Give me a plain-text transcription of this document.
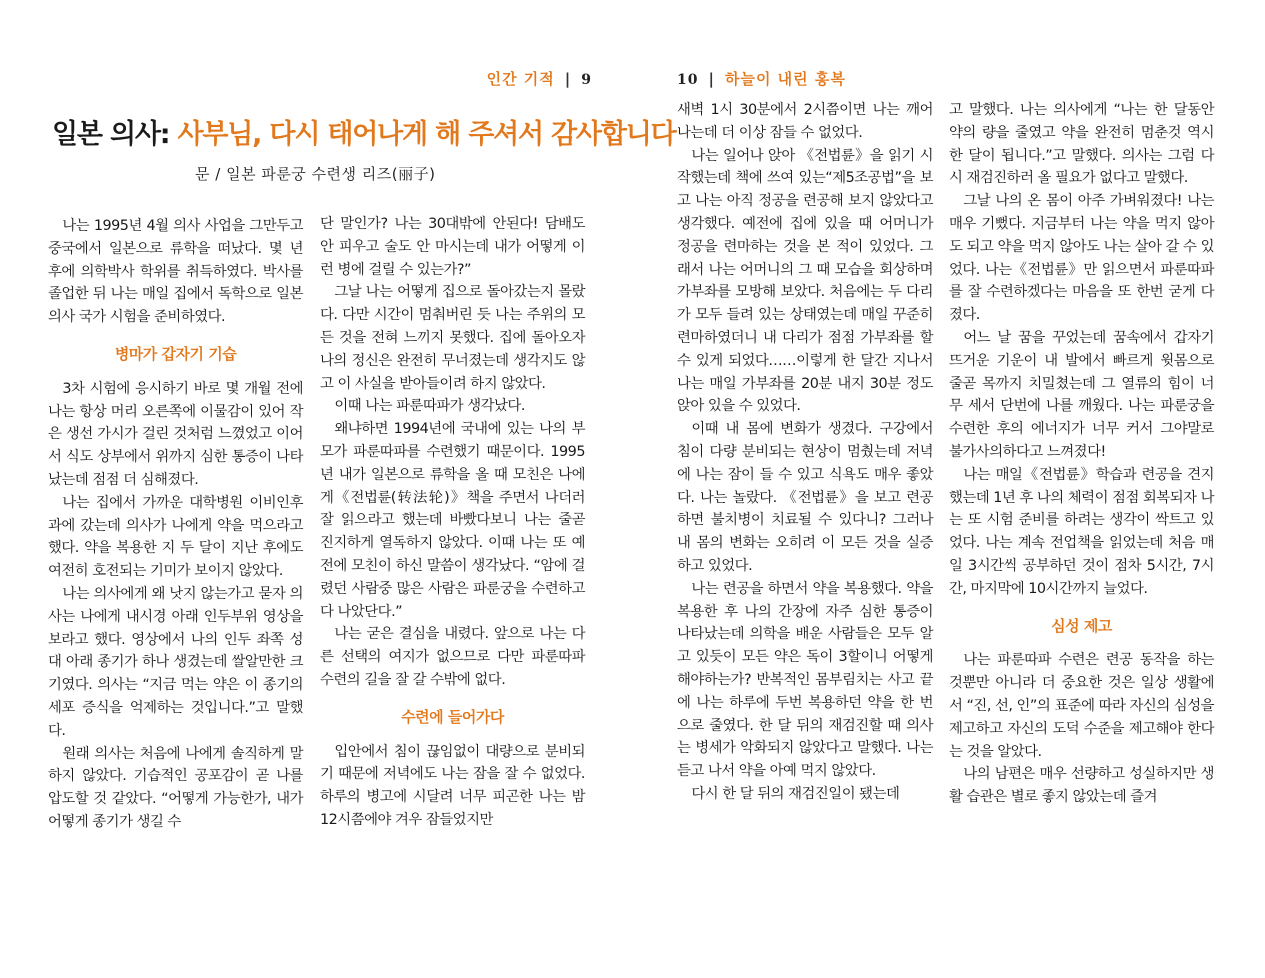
인간 기적 | 9
일본 의사: 사부님, 다시 태어나게 해 주셔서 감사합니다
문 / 일본 파룬궁 수련생 리즈(丽子)

나는 1995년 4월 의사 사업을 그만두고 중국에서 일본으로 류학을 떠났다. 몇 년 후에 의학박사 학위를 취득하였다. 박사를 졸업한 뒤 나는 매일 집에서 독학으로 일본 의사 국가 시험을 준비하였다.

병마가 갑자기 기습

3차 시험에 응시하기 바로 몇 개월 전에 나는 항상 머리 오른쪽에 이물감이 있어 작은 생선 가시가 걸린 것처럼 느꼈었고 이어서 식도 상부에서 위까지 심한 통증이 나타났는데 점점 더 심해졌다.

나는 집에서 가까운 대학병원 이비인후과에 갔는데 의사가 나에게 약을 먹으라고 했다. 약을 복용한 지 두 달이 지난 후에도 여전히 호전되는 기미가 보이지 않았다.

나는 의사에게 왜 낫지 않는가고 묻자 의사는 나에게 내시경 아래 인두부위 영상을 보라고 했다. 영상에서 나의 인두 좌쪽 성대 아래 종기가 하나 생겼는데 쌀알만한 크기였다. 의사는 “지금 먹는 약은 이 종기의 세포 증식을 억제하는 것입니다.”고 말했다.

원래 의사는 처음에 나에게 솔직하게 말하지 않았다. 기습적인 공포감이 곧 나를 압도할 것 같았다. “어떻게 가능한가, 내가 어떻게 종기가 생길 수

단 말인가? 나는 30대밖에 안된다! 담배도 안 피우고 술도 안 마시는데 내가 어떻게 이런 병에 걸릴 수 있는가?”

그날 나는 어떻게 집으로 돌아갔는지 몰랐다. 다만 시간이 멈춰버린 듯 나는 주위의 모든 것을 전혀 느끼지 못했다. 집에 돌아오자 나의 정신은 완전히 무너졌는데 생각지도 않고 이 사실을 받아들이려 하지 않았다.

이때 나는 파룬따파가 생각났다.

왜냐하면 1994년에 국내에 있는 나의 부모가 파룬따파를 수련했기 때문이다. 1995년 내가 일본으로 류학을 올 때 모친은 나에게《전법륜(转法轮)》책을 주면서 나더러 잘 읽으라고 했는데 바빴다보니 나는 줄곧 진지하게 열독하지 않았다. 이때 나는 또 예전에 모친이 하신 말씀이 생각났다. “암에 걸렸던 사람중 많은 사람은 파룬궁을 수련하고 다 나았단다.”

나는 굳은 결심을 내렸다. 앞으로 나는 다른 선택의 여지가 없으므로 다만 파룬따파 수련의 길을 잘 갈 수밖에 없다.

수련에 들어가다

입안에서 침이 끊임없이 대량으로 분비되기 때문에 저녁에도 나는 잠을 잘 수 없었다. 하루의 병고에 시달려 너무 피곤한 나는 밤 12시쯤에야 겨우 잠들었지만

10 | 하늘이 내린 홍복

새벽 1시 30분에서 2시쯤이면 나는 깨어나는데 더 이상 잠들 수 없었다.

나는 일어나 앉아 《전법륜》을 읽기 시작했는데 책에 쓰여 있는“제5조공법”을 보고 나는 아직 정공을 련공해 보지 않았다고 생각했다. 예전에 집에 있을 때 어머니가 정공을 련마하는 것을 본 적이 있었다. 그래서 나는 어머니의 그 때 모습을 회상하며 가부좌를 모방해 보았다. 처음에는 두 다리가 모두 들려 있는 상태였는데 매일 꾸준히 련마하였더니 내 다리가 점점 가부좌를 할 수 있게 되었다……이렇게 한 달간 지나서 나는 매일 가부좌를 20분 내지 30분 정도 앉아 있을 수 있었다.

이때 내 몸에 변화가 생겼다. 구강에서 침이 다량 분비되는 현상이 멈췄는데 저녁에 나는 잠이 들 수 있고 식욕도 매우 좋았다. 나는 놀랐다. 《전법륜》을 보고 련공하면 불치병이 치료될 수 있다니? 그러나 내 몸의 변화는 오히려 이 모든 것을 실증하고 있었다.

나는 련공을 하면서 약을 복용했다. 약을 복용한 후 나의 간장에 자주 심한 통증이 나타났는데 의학을 배운 사람들은 모두 알고 있듯이 모든 약은 독이 3할이니 어떻게 해야하는가? 반복적인 몸부림치는 사고 끝에 나는 하루에 두번 복용하던 약을 한 번으로 줄였다. 한 달 뒤의 재검진할 때 의사는 병세가 악화되지 않았다고 말했다. 나는 듣고 나서 약을 아예 먹지 않았다.

다시 한 달 뒤의 재검진일이 됐는데

고 말했다. 나는 의사에게 “나는 한 달동안 약의 량을 줄였고 약을 완전히 멈춘것 역시 한 달이 됩니다.”고 말했다. 의사는 그럼 다시 재검진하러 올 필요가 없다고 말했다.

그날 나의 온 몸이 아주 가벼워졌다! 나는 매우 기뻤다. 지금부터 나는 약을 먹지 않아도 되고 약을 먹지 않아도 나는 살아 갈 수 있었다. 나는《전법륜》만 읽으면서 파룬따파를 잘 수련하겠다는 마음을 또 한번 굳게 다졌다.

어느 날 꿈을 꾸었는데 꿈속에서 갑자기 뜨거운 기운이 내 발에서 빠르게 윗몸으로 줄곧 목까지 치밀쳤는데 그 열류의 힘이 너무 세서 단번에 나를 깨웠다. 나는 파룬궁을 수련한 후의 에너지가 너무 커서 그야말로 불가사의하다고 느껴졌다!

나는 매일《전법륜》학습과 련공을 견지했는데 1년 후 나의 체력이 점점 회복되자 나는 또 시험 준비를 하려는 생각이 싹트고 있었다. 나는 계속 전업책을 읽었는데 처음 매일 3시간씩 공부하던 것이 점차 5시간, 7시간, 마지막에 10시간까지 늘었다.

심성 제고

나는 파룬따파 수련은 련공 동작을 하는 것뿐만 아니라 더 중요한 것은 일상 생활에서 “진, 선, 인”의 표준에 따라 자신의 심성을 제고하고 자신의 도덕 수준을 제고해야 한다는 것을 알았다.

나의 남편은 매우 선량하고 성실하지만 생활 습관은 별로 좋지 않았는데 즐겨
